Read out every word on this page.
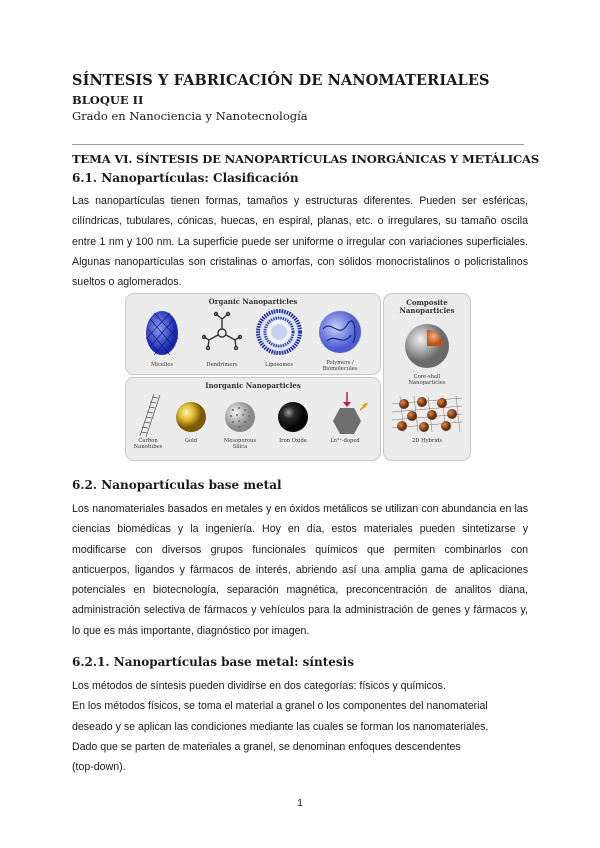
SÍNTESIS Y FABRICACIÓN DE NANOMATERIALES
BLOQUE II
Grado en Nanociencia y Nanotecnología
TEMA VI. SÍNTESIS DE NANOPARTÍCULAS INORGÁNICAS Y METÁLICAS
6.1. Nanopartículas: Clasificación
Las nanopartículas tienen formas, tamaños y estructuras diferentes. Pueden ser esféricas, cilíndricas, tubulares, cónicas, huecas, en espiral, planas, etc. o irregulares, su tamaño oscila entre 1 nm y 100 nm. La superficie puede ser uniforme o irregular con variaciones superficiales. Algunas nanopartículas son cristalinas o amorfas, con sólidos monocristalinos o policristalinos sueltos o aglomerados.
Organic Nanoparticles
Micelles	Dendrimers	Liposomes	Polymers /
Biomolecules
Inorganic Nanoparticles
Carbon
Nanotubes
Gold	Mesoporous
Silica
Iron Oxide	Ln³⁺-doped
Composite
Nanoparticles
Core-shell
Nanoparticles
2D Hybrids
6.2. Nanopartículas base metal
Los nanomateriales basados en metales y en óxidos metálicos se utilizan con abundancia en las ciencias biomédicas y la ingeniería. Hoy en día, estos materiales pueden sintetizarse y modificarse con diversos grupos funcionales químicos que permiten combinarlos con anticuerpos, ligandos y fármacos de interés, abriendo así una amplia gama de aplicaciones potenciales en biotecnología, separación magnética, preconcentración de analitos diana, administración selectiva de fármacos y vehículos para la administración de genes y fármacos y, lo que es más importante, diagnóstico por imagen.
6.2.1. Nanopartículas base metal: síntesis
Los métodos de síntesis pueden dividirse en dos categorías: físicos y químicos.
En los métodos físicos, se toma el material a granel o los componentes del nanomaterial
deseado y se aplican las condiciones mediante las cuales se forman los nanomateriales.
Dado que se parten de materiales a granel, se denominan enfoques descendentes
(top-down).
1
